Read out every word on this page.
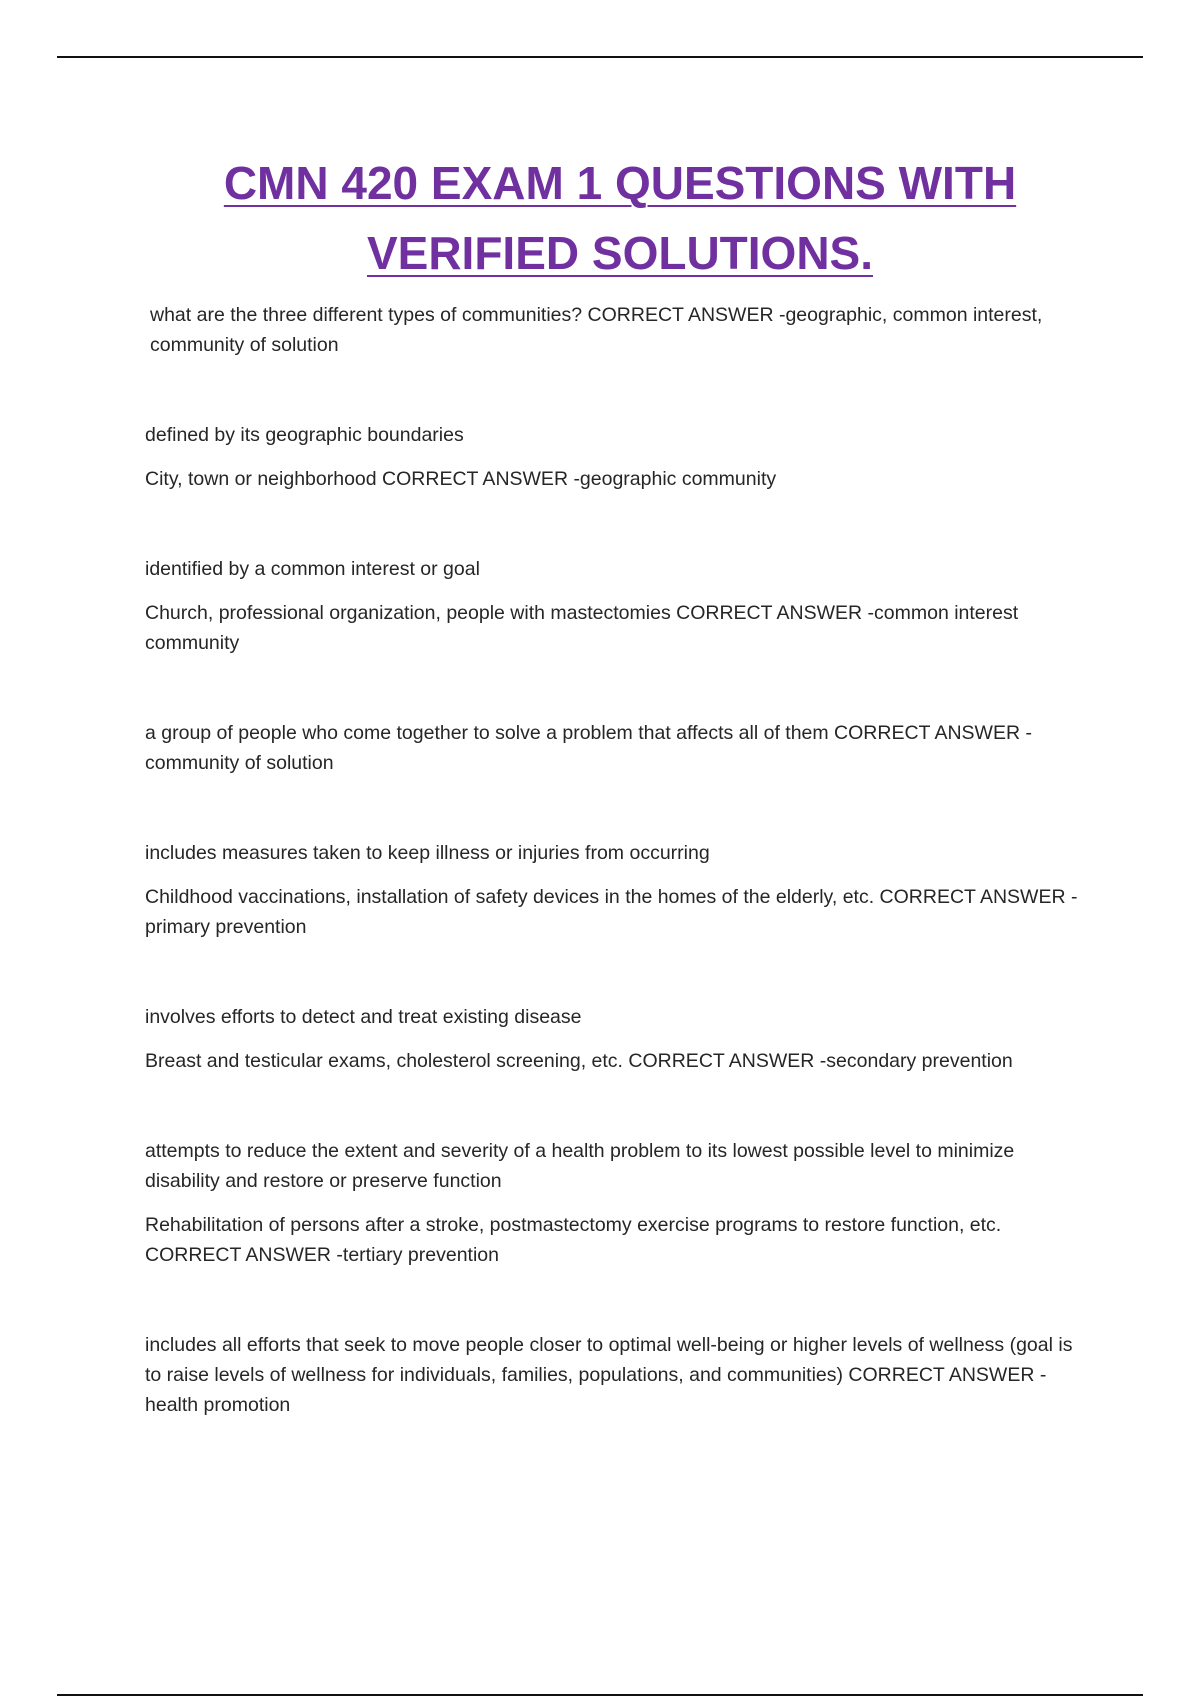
CMN 420 EXAM 1 QUESTIONS WITH
VERIFIED SOLUTIONS.

what are the three different types of communities? CORRECT ANSWER -geographic, common interest, community of solution

defined by its geographic boundaries

City, town or neighborhood CORRECT ANSWER -geographic community

identified by a common interest or goal

Church, professional organization, people with mastectomies CORRECT ANSWER -common interest community

a group of people who come together to solve a problem that affects all of them CORRECT ANSWER -community of solution

includes measures taken to keep illness or injuries from occurring

Childhood vaccinations, installation of safety devices in the homes of the elderly, etc. CORRECT ANSWER -primary prevention

involves efforts to detect and treat existing disease

Breast and testicular exams, cholesterol screening, etc. CORRECT ANSWER -secondary prevention

attempts to reduce the extent and severity of a health problem to its lowest possible level to minimize disability and restore or preserve function

Rehabilitation of persons after a stroke, postmastectomy exercise programs to restore function, etc. CORRECT ANSWER -tertiary prevention

includes all efforts that seek to move people closer to optimal well-being or higher levels of wellness (goal is to raise levels of wellness for individuals, families, populations, and communities) CORRECT ANSWER -health promotion
